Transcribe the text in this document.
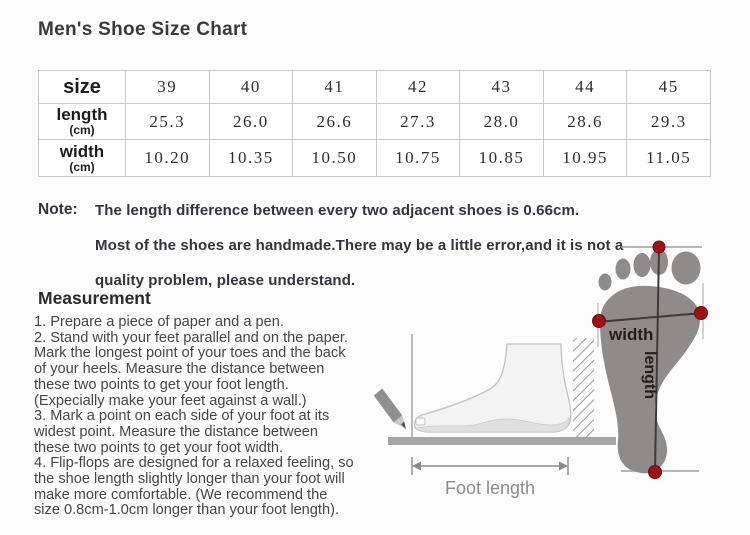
Men's Shoe Size Chart
size	39	40	41	42	43	44	45
length
(cm)	25.3	26.0	26.6	27.3	28.0	28.6	29.3
width
(cm)	10.20	10.35	10.50	10.75	10.85	10.95	11.05
Note: The length difference between every two adjacent shoes is 0.66cm.
Most of the shoes are handmade.There may be a little error,and it is not a
quality problem, please understand.
Measurement
1. Prepare a piece of paper and a pen.
2. Stand with your feet parallel and on the paper.
Mark the longest point of your toes and the back
of your heels. Measure the distance between
these two points to get your foot length.
(Expecially make your feet against a wall.)
3. Mark a point on each side of your foot at its
widest point. Measure the distance between
these two points to get your foot width.
4. Flip-flops are designed for a relaxed feeling, so
the shoe length slightly longer than your foot will
make more comfortable. (We recommend the
size 0.8cm-1.0cm longer than your foot length).
Foot length
width
length
